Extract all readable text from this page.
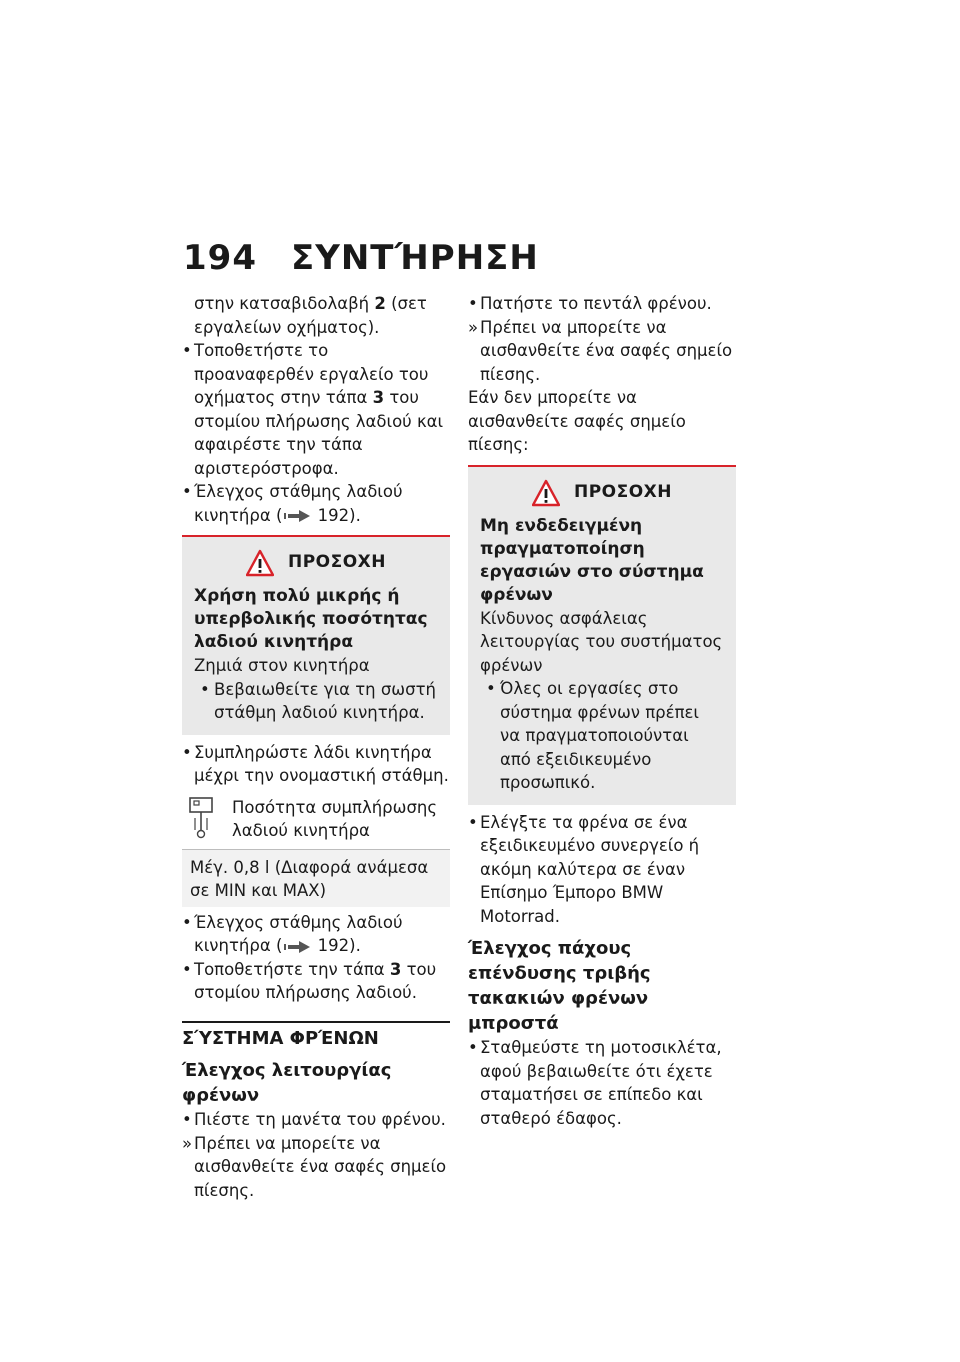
194 ΣΥΝΤΉΡΗΣΗ

στην κατσαβιδολαβή 2 (σετ εργαλείων οχήματος).

• Τοποθετήστε το προαναφερθέν εργαλείο του οχήματος στην τάπα 3 του στομίου πλήρωσης λαδιού και αφαιρέστε την τάπα αριστερόστροφα.

• Έλεγχος στάθμης λαδιού κινητήρα ( 192).

ΠΡΟΣΟΧΗ
Χρήση πολύ μικρής ή υπερβολικής ποσότητας λαδιού κινητήρα
Ζημιά στον κινητήρα
• Βεβαιωθείτε για τη σωστή στάθμη λαδιού κινητήρα.

• Συμπληρώστε λάδι κινητήρα μέχρι την ονομαστική στάθμη.

Ποσότητα συμπλήρωσης λαδιού κινητήρα
Μέγ. 0,8 l (Διαφορά ανάμεσα σε MIN και MAX)

• Έλεγχος στάθμης λαδιού κινητήρα ( 192).

• Τοποθετήστε την τάπα 3 του στομίου πλήρωσης λαδιού.

ΣΎΣΤΗΜΑ ΦΡΈΝΩΝ
Έλεγχος λειτουργίας φρένων

• Πιέστε τη μανέτα του φρένου.

» Πρέπει να μπορείτε να αισθανθείτε ένα σαφές σημείο πίεσης.

• Πατήστε το πεντάλ φρένου.

» Πρέπει να μπορείτε να αισθανθείτε ένα σαφές σημείο πίεσης.

Εάν δεν μπορείτε να αισθανθείτε σαφές σημείο πίεσης:

ΠΡΟΣΟΧΗ
Μη ενδεδειγμένη πραγματοποίηση εργασιών στο σύστημα φρένων
Κίνδυνος ασφάλειας λειτουργίας του συστήματος φρένων
• Όλες οι εργασίες στο σύστημα φρένων πρέπει να πραγματοποιούνται από εξειδικευμένο προσωπικό.

• Ελέγξτε τα φρένα σε ένα εξειδικευμένο συνεργείο ή ακόμη καλύτερα σε έναν Επίσημο Έμπορο BMW Motorrad.

Έλεγχος πάχους επένδυσης τριβής τακακιών φρένων μπροστά

• Σταθμεύστε τη μοτοσικλέτα, αφού βεβαιωθείτε ότι έχετε σταματήσει σε επίπεδο και σταθερό έδαφος.
